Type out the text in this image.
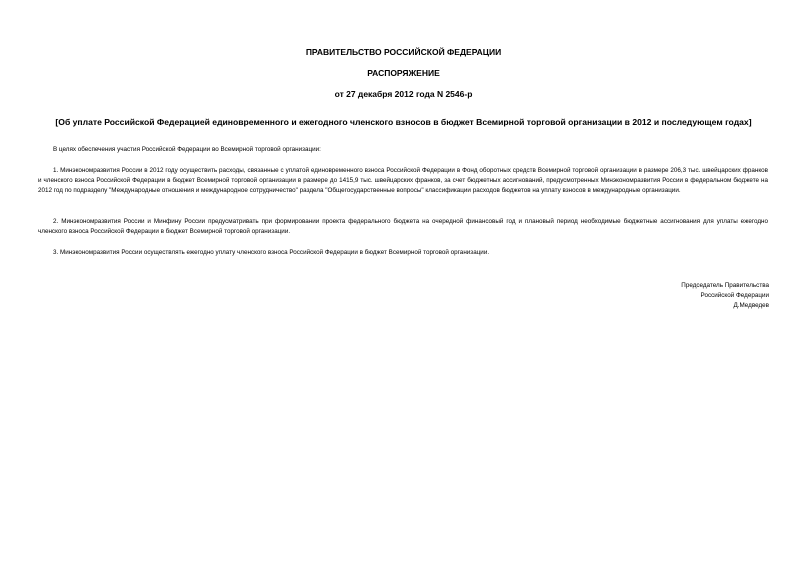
ПРАВИТЕЛЬСТВО РОССИЙСКОЙ ФЕДЕРАЦИИ
РАСПОРЯЖЕНИЕ
от 27 декабря 2012 года N 2546-р
[Об уплате Российской Федерацией единовременного и ежегодного членского взносов в бюджет Всемирной торговой организации в 2012 и последующем годах]
В целях обеспечения участия Российской Федерации во Всемирной торговой организации:
1. Минэкономразвития России в 2012 году осуществить расходы, связанные с уплатой единовременного взноса Российской Федерации в Фонд оборотных средств Всемирной торговой организации в размере 206,3 тыс. швейцарских франков и членского взноса Российской Федерации в бюджет Всемирной торговой организации в размере до 1415,9 тыс. швейцарских франков, за счет бюджетных ассигнований, предусмотренных Минэкономразвития России в федеральном бюджете на 2012 год по подразделу "Международные отношения и международное сотрудничество" раздела "Общегосударственные вопросы" классификации расходов бюджетов на уплату взносов в международные организации.
2. Минэкономразвития России и Минфину России предусматривать при формировании проекта федерального бюджета на очередной финансовый год и плановый период необходимые бюджетные ассигнования для уплаты ежегодно членского взноса Российской Федерации в бюджет Всемирной торговой организации.
3. Минэкономразвития России осуществлять ежегодно уплату членского взноса Российской Федерации в бюджет Всемирной торговой организации.
Председатель Правительства
Российской Федерации
Д.Медведев
